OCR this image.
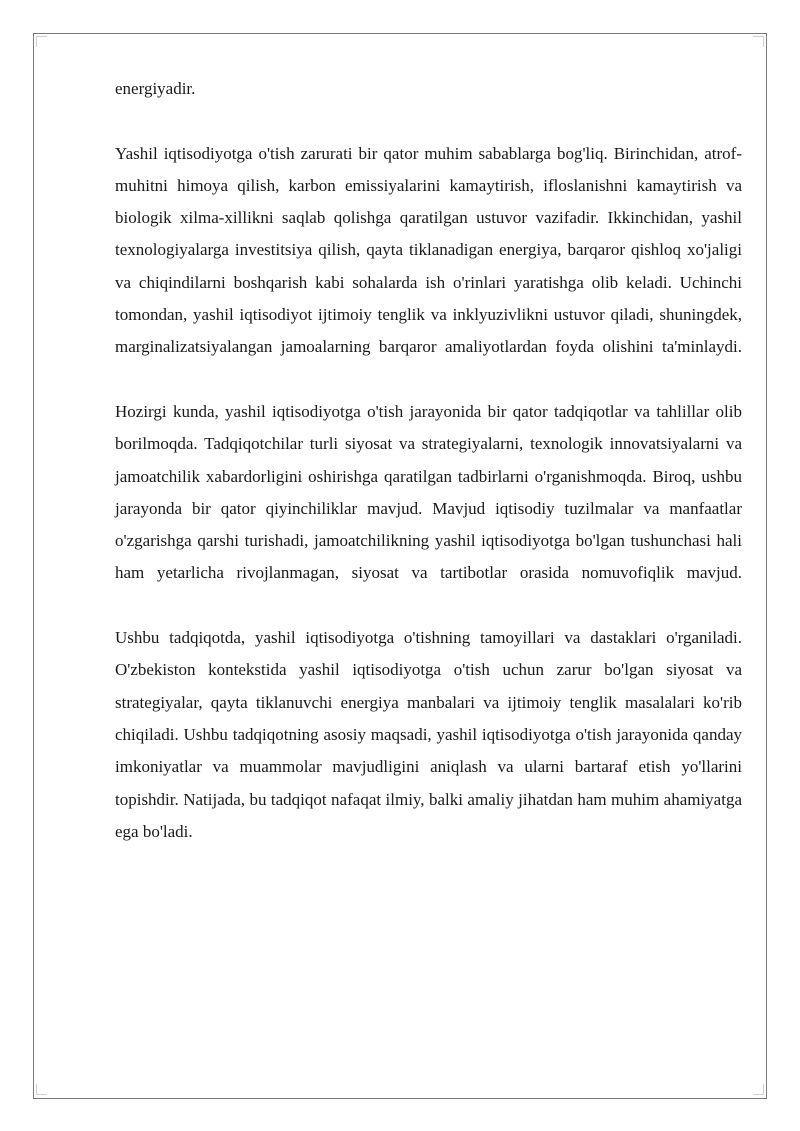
energiyadir.

Yashil iqtisodiyotga o'tish zarurati bir qator muhim sabablarga bog'liq. Birinchidan, atrof-muhitni himoya qilish, karbon emissiyalarini kamaytirish, ifloslanishni kamaytirish va biologik xilma-xillikni saqlab qolishga qaratilgan ustuvor vazifadir. Ikkinchidan, yashil texnologiyalarga investitsiya qilish, qayta tiklanadigan energiya, barqaror qishloq xo'jaligi va chiqindilarni boshqarish kabi sohalarda ish o'rinlari yaratishga olib keladi. Uchinchi tomondan, yashil iqtisodiyot ijtimoiy tenglik va inklyuzivlikni ustuvor qiladi, shuningdek, marginalizatsiyalangan jamoalarning barqaror amaliyotlardan foyda olishini ta'minlaydi.

Hozirgi kunda, yashil iqtisodiyotga o'tish jarayonida bir qator tadqiqotlar va tahlillar olib borilmoqda. Tadqiqotchilar turli siyosat va strategiyalarni, texnologik innovatsiyalarni va jamoatchilik xabardorligini oshirishga qaratilgan tadbirlarni o'rganishmoqda. Biroq, ushbu jarayonda bir qator qiyinchiliklar mavjud. Mavjud iqtisodiy tuzilmalar va manfaatlar o'zgarishga qarshi turishadi, jamoatchilikning yashil iqtisodiyotga bo'lgan tushunchasi hali ham yetarlicha rivojlanmagan, siyosat va tartibotlar orasida nomuvofiqlik mavjud.

Ushbu tadqiqotda, yashil iqtisodiyotga o'tishning tamoyillari va dastaklari o'rganiladi. O'zbekiston kontekstida yashil iqtisodiyotga o'tish uchun zarur bo'lgan siyosat va strategiyalar, qayta tiklanuvchi energiya manbalari va ijtimoiy tenglik masalalari ko'rib chiqiladi. Ushbu tadqiqotning asosiy maqsadi, yashil iqtisodiyotga o'tish jarayonida qanday imkoniyatlar va muammolar mavjudligini aniqlash va ularni bartaraf etish yo'llarini topishdir. Natijada, bu tadqiqot nafaqat ilmiy, balki amaliy jihatdan ham muhim ahamiyatga ega bo'ladi.
